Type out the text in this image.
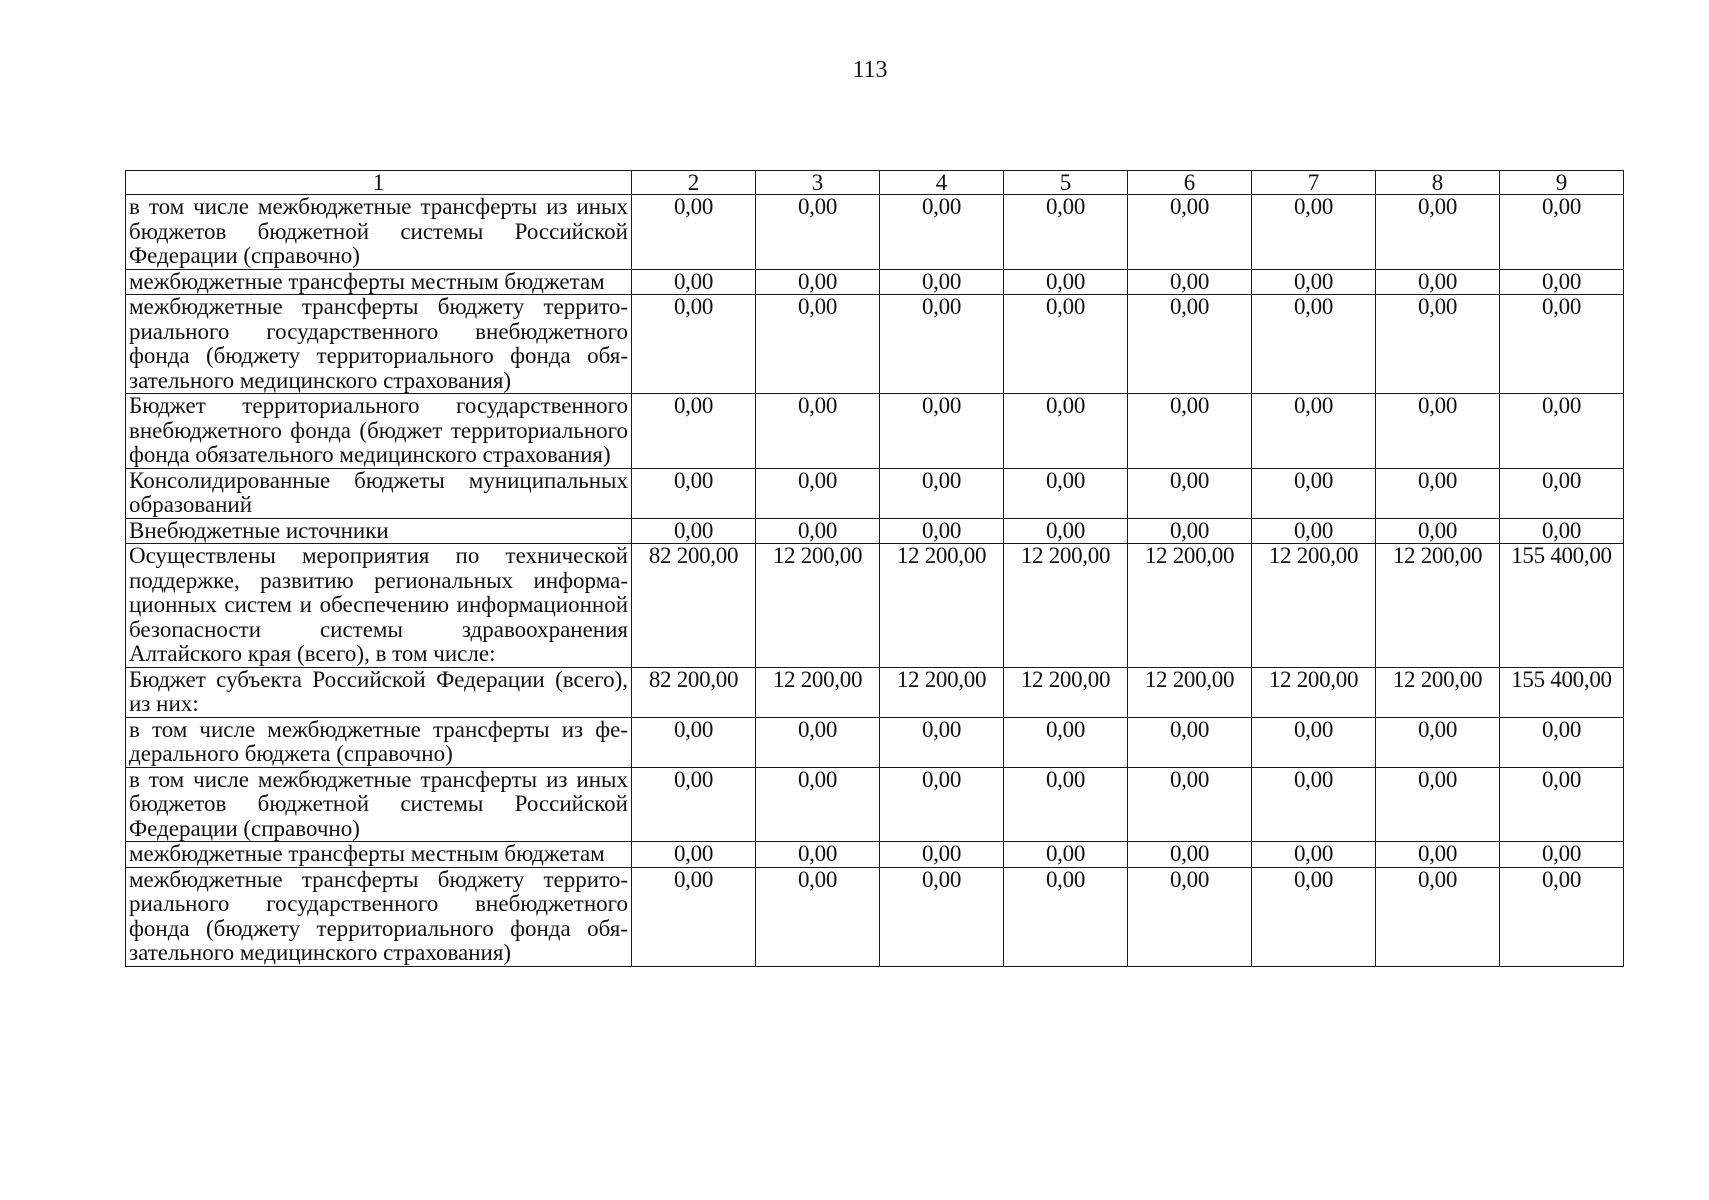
113
1	2	3	4	5	6	7	8	9
в том числе межбюджетные трансферты из иных бюджетов бюджетной системы Российской Федерации (справочно)	0,00	0,00	0,00	0,00	0,00	0,00	0,00	0,00
межбюджетные трансферты местным бюджетам	0,00	0,00	0,00	0,00	0,00	0,00	0,00	0,00
межбюджетные трансферты бюджету территориального государственного внебюджетного фонда (бюджету территориального фонда обязательного медицинского страхования)	0,00	0,00	0,00	0,00	0,00	0,00	0,00	0,00
Бюджет территориального государственного внебюджетного фонда (бюджет территориального фонда обязательного медицинского страхования)	0,00	0,00	0,00	0,00	0,00	0,00	0,00	0,00
Консолидированные бюджеты муниципальных образований	0,00	0,00	0,00	0,00	0,00	0,00	0,00	0,00
Внебюджетные источники	0,00	0,00	0,00	0,00	0,00	0,00	0,00	0,00
Осуществлены мероприятия по технической поддержке, развитию региональных информационных систем и обеспечению информационной безопасности системы здравоохранения Алтайского края (всего), в том числе:	82 200,00	12 200,00	12 200,00	12 200,00	12 200,00	12 200,00	12 200,00	155 400,00
Бюджет субъекта Российской Федерации (всего), из них:	82 200,00	12 200,00	12 200,00	12 200,00	12 200,00	12 200,00	12 200,00	155 400,00
в том числе межбюджетные трансферты из федерального бюджета (справочно)	0,00	0,00	0,00	0,00	0,00	0,00	0,00	0,00
в том числе межбюджетные трансферты из иных бюджетов бюджетной системы Российской Федерации (справочно)	0,00	0,00	0,00	0,00	0,00	0,00	0,00	0,00
межбюджетные трансферты местным бюджетам	0,00	0,00	0,00	0,00	0,00	0,00	0,00	0,00
межбюджетные трансферты бюджету территориального государственного внебюджетного фонда (бюджету территориального фонда обязательного медицинского страхования)	0,00	0,00	0,00	0,00	0,00	0,00	0,00	0,00
